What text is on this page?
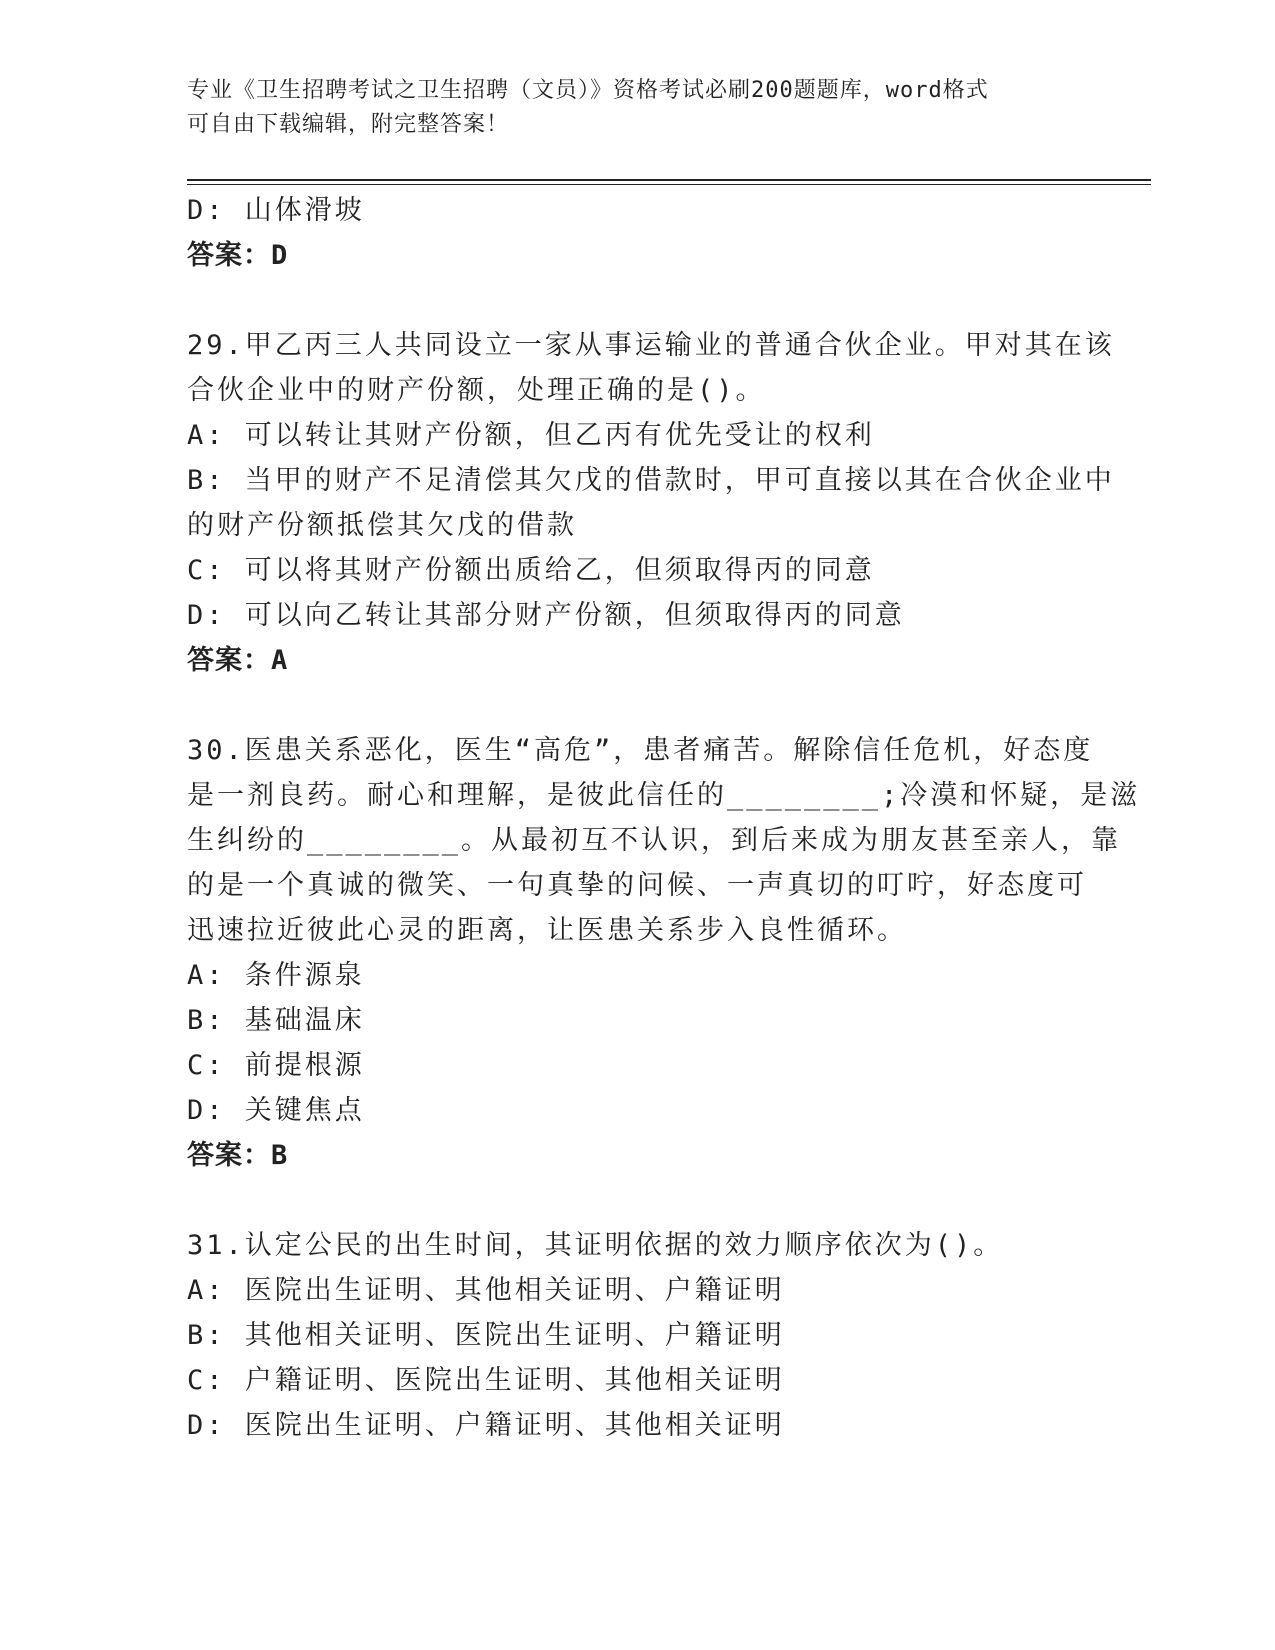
专业《卫生招聘考试之卫生招聘（文员）》资格考试必刷200题题库，word格式
可自由下载编辑，附完整答案！
D: 山体滑坡
答案：D
29.甲乙丙三人共同设立一家从事运输业的普通合伙企业。甲对其在该
合伙企业中的财产份额，处理正确的是()。
A: 可以转让其财产份额，但乙丙有优先受让的权利
B: 当甲的财产不足清偿其欠戊的借款时，甲可直接以其在合伙企业中
的财产份额抵偿其欠戊的借款
C: 可以将其财产份额出质给乙，但须取得丙的同意
D: 可以向乙转让其部分财产份额，但须取得丙的同意
答案：A
30.医患关系恶化，医生“高危”，患者痛苦。解除信任危机，好态度
是一剂良药。耐心和理解，是彼此信任的________;冷漠和怀疑，是滋
生纠纷的________。从最初互不认识，到后来成为朋友甚至亲人，靠
的是一个真诚的微笑、一句真挚的问候、一声真切的叮咛，好态度可
迅速拉近彼此心灵的距离，让医患关系步入良性循环。
A: 条件源泉
B: 基础温床
C: 前提根源
D: 关键焦点
答案：B
31.认定公民的出生时间，其证明依据的效力顺序依次为()。
A: 医院出生证明、其他相关证明、户籍证明
B: 其他相关证明、医院出生证明、户籍证明
C: 户籍证明、医院出生证明、其他相关证明
D: 医院出生证明、户籍证明、其他相关证明
